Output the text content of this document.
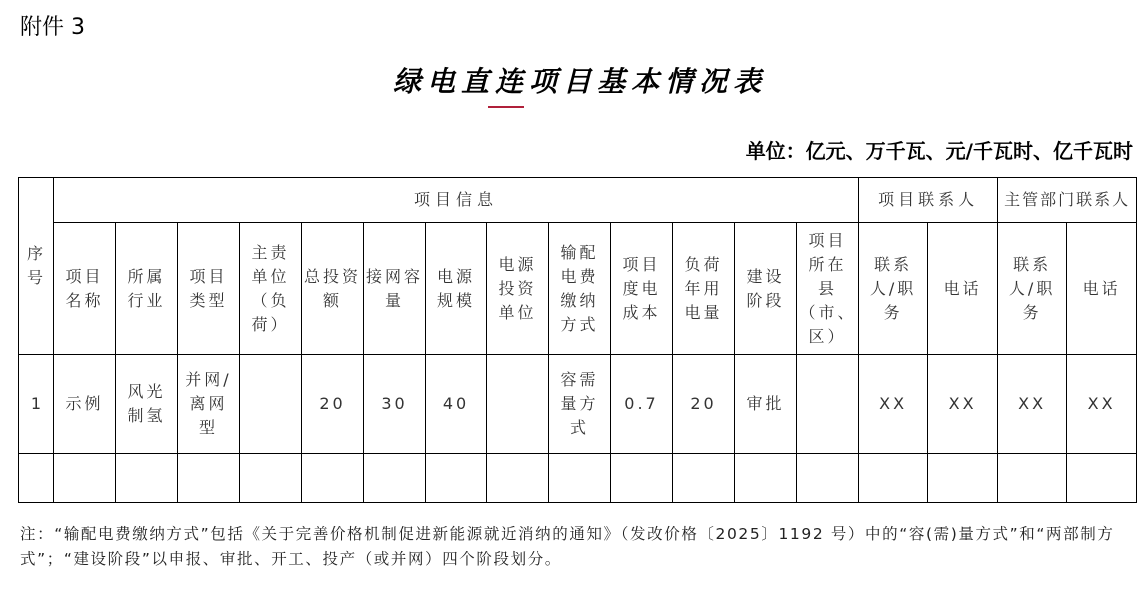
附件 3
绿电直连项目基本情况表
单位：亿元、万千瓦、元/千瓦时、亿千瓦时
序号	项目信息													项目联系人		主管部门联系人	
	项目名称	所属行业	项目类型	主责单位（负荷）	总投资额	接网容量	电源规模	电源投资单位	输配电费缴纳方式	项目度电成本	负荷年用电量	建设阶段	项目所在县（市、区）	联系人/职务	电话	联系人/职务	电话
1	示例	风光制氢	并网/离网型		20	30	40		容需量方式	0.7	20	审批		XX	XX	XX	XX

注：“输配电费缴纳方式”包括《关于完善价格机制促进新能源就近消纳的通知》（发改价格〔2025〕1192 号）中的“容(需)量方式”和“两部制方式”；“建设阶段”以申报、审批、开工、投产（或并网）四个阶段划分。
